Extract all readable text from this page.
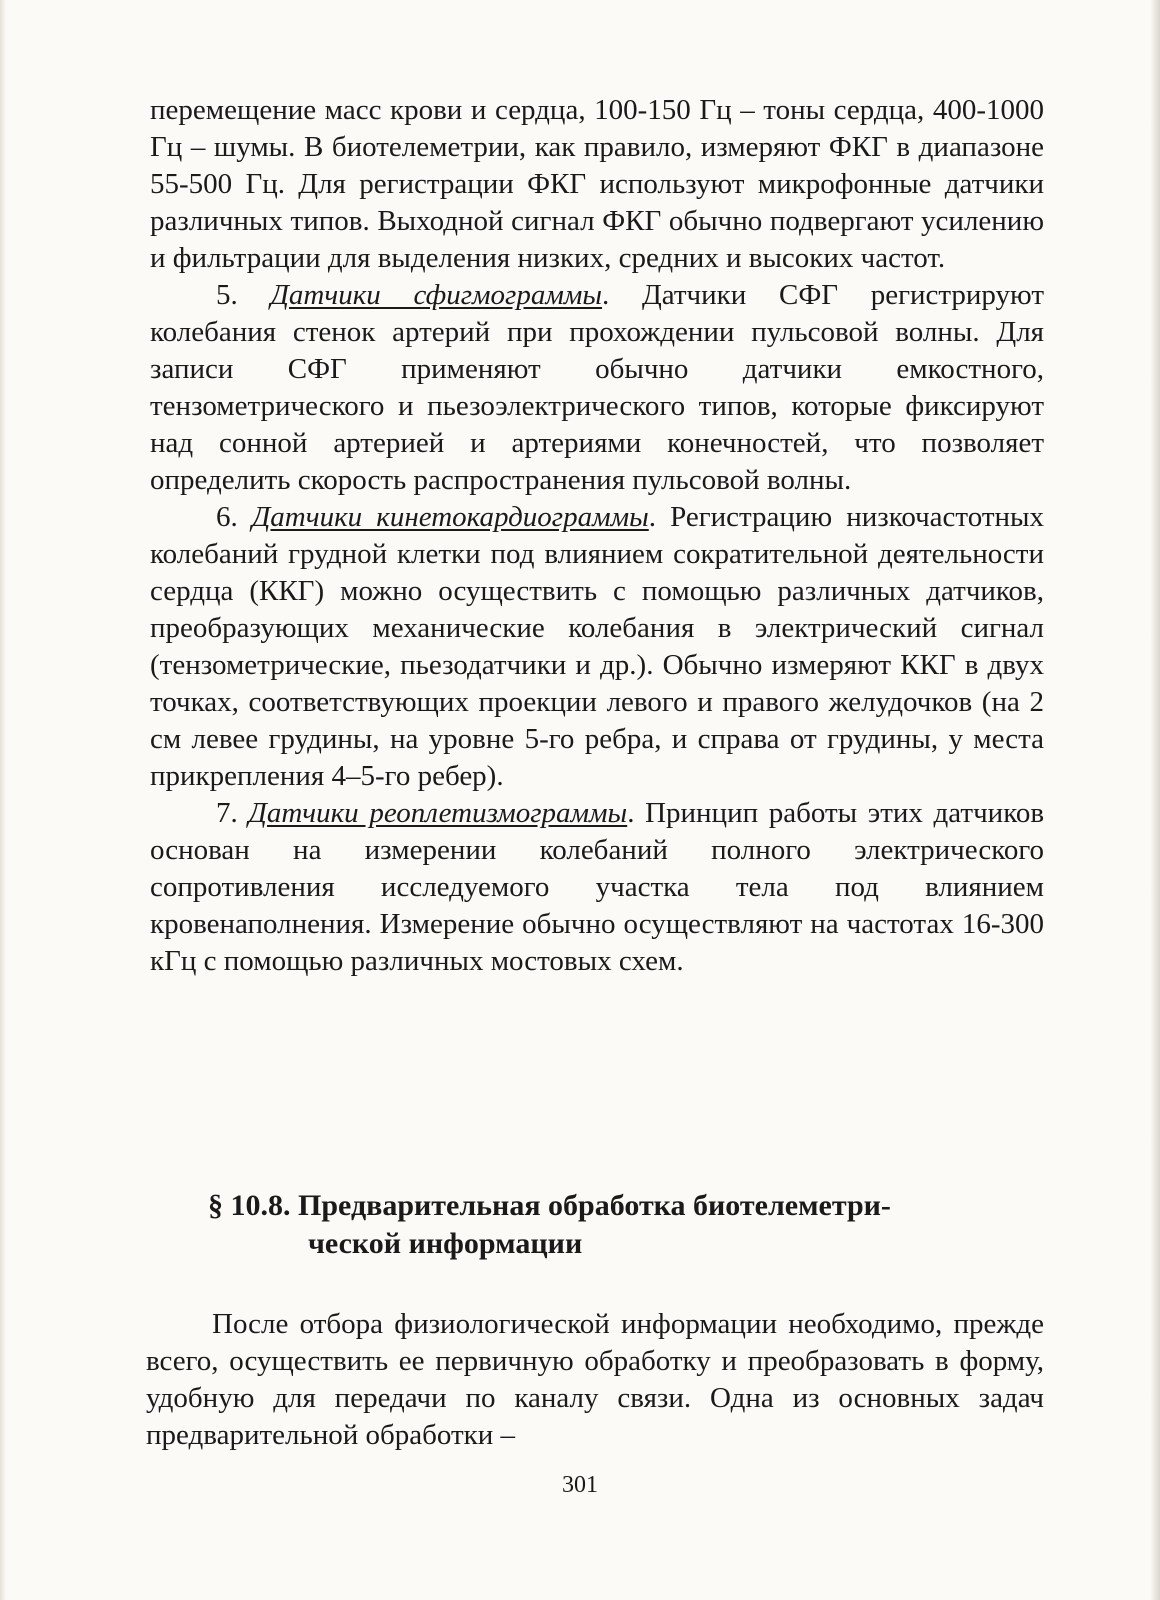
перемещение масс крови и сердца, 100-150 Гц – тоны сердца, 400-1000 Гц – шумы. В биотелеметрии, как правило, измеряют ФКГ в диапазоне 55-500 Гц. Для регистрации ФКГ используют микрофонные датчики различных типов. Выходной сигнал ФКГ обычно подвергают усилению и фильтрации для выделения низких, средних и высоких частот.

5. Датчики сфигмограммы. Датчики СФГ регистрируют колебания стенок артерий при прохождении пульсовой волны. Для записи СФГ применяют обычно датчики емкостного, тензометрического и пьезоэлектрического типов, которые фиксируют над сонной артерией и артериями конечностей, что позволяет определить скорость распространения пульсовой волны.

6. Датчики кинетокардиограммы. Регистрацию низкочастотных колебаний грудной клетки под влиянием сократительной деятельности сердца (ККГ) можно осуществить с помощью различных датчиков, преобразующих механические колебания в электрический сигнал (тензометрические, пьезодатчики и др.). Обычно измеряют ККГ в двух точках, соответствующих проекции левого и правого желудочков (на 2 см левее грудины, на уровне 5-го ребра, и справа от грудины, у места прикрепления 4–5-го ребер).

7. Датчики реоплетизмограммы. Принцип работы этих датчиков основан на измерении колебаний полного электрического сопротивления исследуемого участка тела под влиянием кровенаполнения. Измерение обычно осуществляют на частотах 16-300 кГц с помощью различных мостовых схем.

§ 10.8. Предварительная обработка биотелеметри-
ческой информации

После отбора физиологической информации необходимо, прежде всего, осуществить ее первичную обработку и преобразовать в форму, удобную для передачи по каналу связи. Одна из основных задач предварительной обработки –

301
